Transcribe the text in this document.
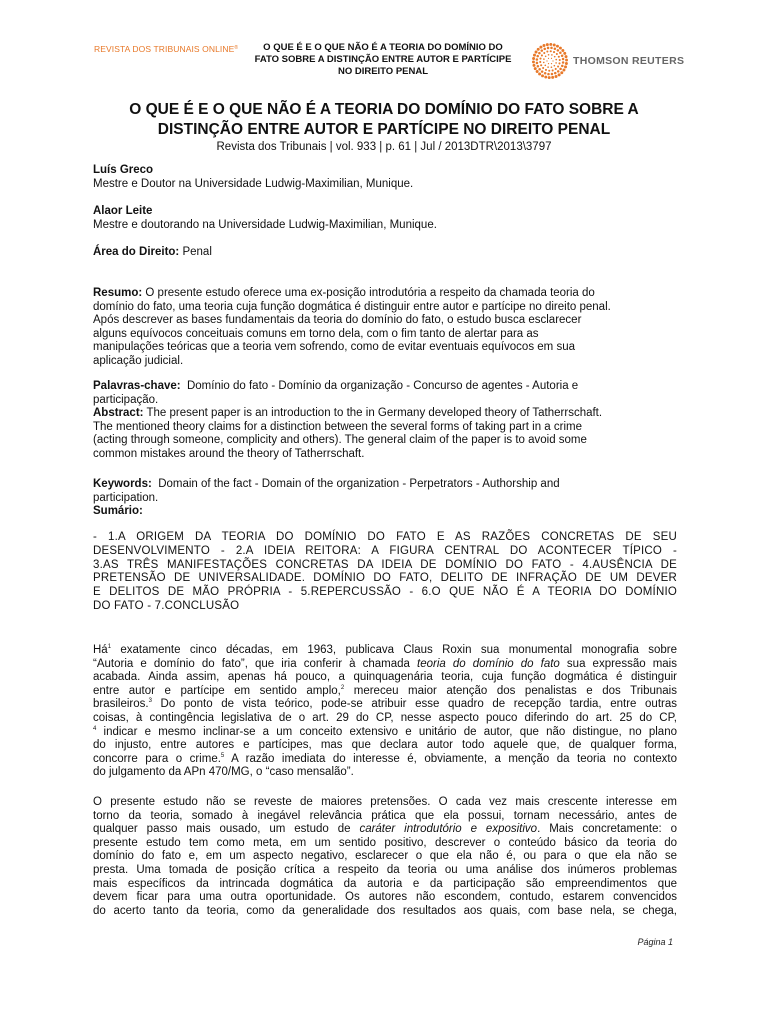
REVISTA DOS TRIBUNAIS ONLINE®	O QUE É E O QUE NÃO É A TEORIA DO DOMÍNIO DO
FATO SOBRE A DISTINÇÃO ENTRE AUTOR E PARTÍCIPE
NO DIREITO PENAL
THOMSON REUTERS
O QUE É E O QUE NÃO É A TEORIA DO DOMÍNIO DO FATO SOBRE A
DISTINÇÃO ENTRE AUTOR E PARTÍCIPE NO DIREITO PENAL
Revista dos Tribunais | vol. 933 | p. 61 | Jul / 2013DTR\2013\3797
Luís Greco
Mestre e Doutor na Universidade Ludwig-Maximilian, Munique.
Alaor Leite
Mestre e doutorando na Universidade Ludwig-Maximilian, Munique.
Área do Direito: Penal
Resumo: O presente estudo oferece uma ex-posição introdutória a respeito da chamada teoria do
domínio do fato, uma teoria cuja função dogmática é distinguir entre autor e partícipe no direito penal.
Após descrever as bases fundamentais da teoria do domínio do fato, o estudo busca esclarecer
alguns equívocos conceituais comuns em torno dela, com o fim tanto de alertar para as
manipulações teóricas que a teoria vem sofrendo, como de evitar eventuais equívocos em sua
aplicação judicial.
Palavras-chave: Domínio do fato - Domínio da organização - Concurso de agentes - Autoria e
participação.
Abstract: The present paper is an introduction to the in Germany developed theory of Tatherrschaft.
The mentioned theory claims for a distinction between the several forms of taking part in a crime
(acting through someone, complicity and others). The general claim of the paper is to avoid some
common mistakes around the theory of Tatherrschaft.
Keywords: Domain of the fact - Domain of the organization - Perpetrators - Authorship and
participation.
Sumário:
- 1.A ORIGEM DA TEORIA DO DOMÍNIO DO FATO E AS RAZÕES CONCRETAS DE SEU
DESENVOLVIMENTO - 2.A IDEIA REITORA: A FIGURA CENTRAL DO ACONTECER TÍPICO -
3.AS TRÊS MANIFESTAÇÕES CONCRETAS DA IDEIA DE DOMÍNIO DO FATO - 4.AUSÊNCIA DE
PRETENSÃO DE UNIVERSALIDADE. DOMÍNIO DO FATO, DELITO DE INFRAÇÃO DE UM DEVER
E DELITOS DE MÃO PRÓPRIA - 5.REPERCUSSÃO - 6.O QUE NÃO É A TEORIA DO DOMÍNIO
DO FATO - 7.CONCLUSÃO
$Há^1$ exatamente cinco décadas, em 1963, publicava Claus Roxin sua monumental monografia sobre
“Autoria e domínio do fato”, que iria conferir à chamada teoria do domínio do fato sua expressão mais
acabada. Ainda assim, apenas há pouco, a quinquagenária teoria, cuja função dogmática é distinguir
entre autor e partícipe em sentido amplo,$^2$ mereceu maior atenção dos penalistas e dos Tribunais
brasileiros.$^3$ Do ponto de vista teórico, pode-se atribuir esse quadro de recepção tardia, entre outras
coisas, à contingência legislativa de o art. 29 do CP, nesse aspecto pouco diferindo do art. 25 do CP,
$^4$ indicar e mesmo inclinar-se a um conceito extensivo e unitário de autor, que não distingue, no plano
do injusto, entre autores e partícipes, mas que declara autor todo aquele que, de qualquer forma,
concorre para o crime.$^5$ A razão imediata do interesse é, obviamente, a menção da teoria no contexto
do julgamento da APn 470/MG, o “caso mensalão”.
O presente estudo não se reveste de maiores pretensões. O cada vez mais crescente interesse em
torno da teoria, somado à inegável relevância prática que ela possui, tornam necessário, antes de
qualquer passo mais ousado, um estudo de caráter introdutório e expositivo. Mais concretamente: o
presente estudo tem como meta, em um sentido positivo, descrever o conteúdo básico da teoria do
domínio do fato e, em um aspecto negativo, esclarecer o que ela não é, ou para o que ela não se
presta. Uma tomada de posição crítica a respeito da teoria ou uma análise dos inúmeros problemas
mais específicos da intrincada dogmática da autoria e da participação são empreendimentos que
devem ficar para uma outra oportunidade. Os autores não escondem, contudo, estarem convencidos
do acerto tanto da teoria, como da generalidade dos resultados aos quais, com base nela, se chega,
Página 1
